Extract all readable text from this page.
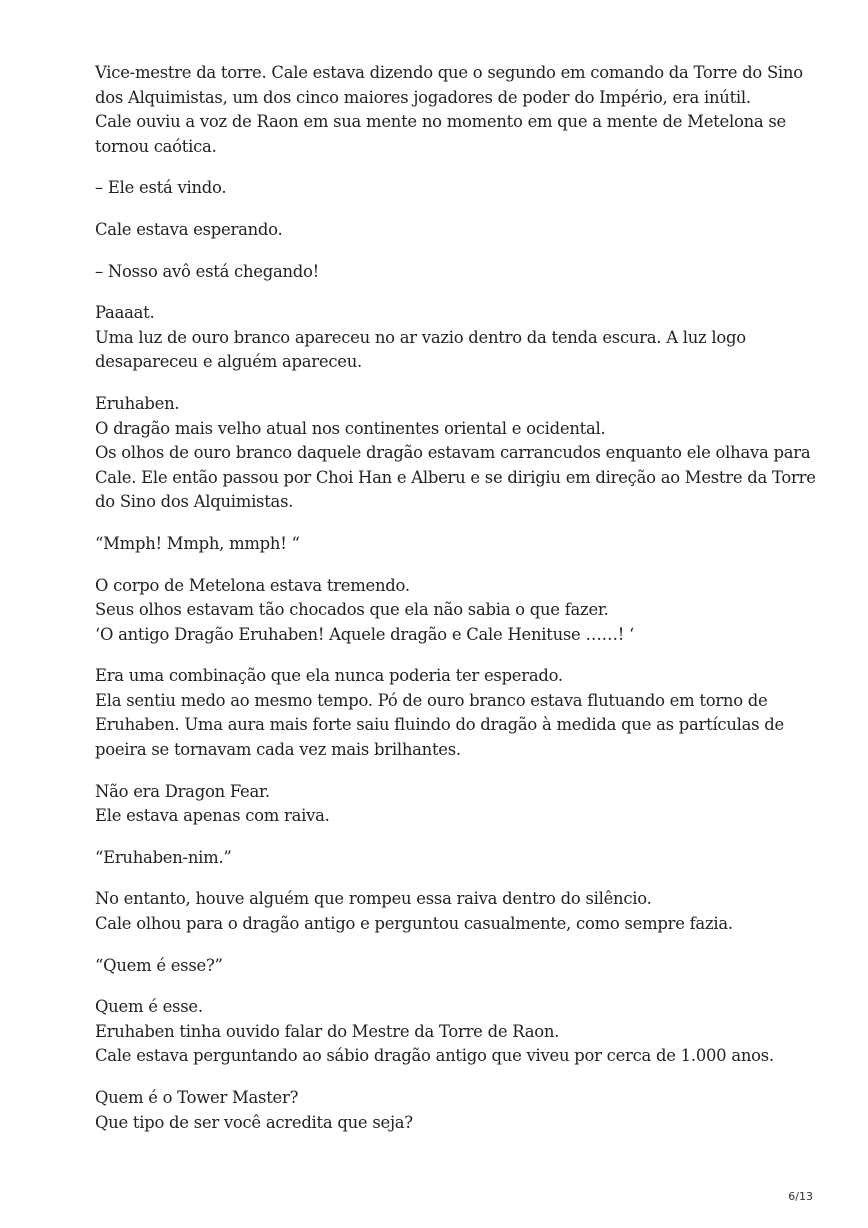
Vice-mestre da torre. Cale estava dizendo que o segundo em comando da Torre do Sino
dos Alquimistas, um dos cinco maiores jogadores de poder do Império, era inútil.
Cale ouviu a voz de Raon em sua mente no momento em que a mente de Metelona se
tornou caótica.
– Ele está vindo.
Cale estava esperando.
– Nosso avô está chegando!
Paaaat.
Uma luz de ouro branco apareceu no ar vazio dentro da tenda escura. A luz logo
desapareceu e alguém apareceu.
Eruhaben.
O dragão mais velho atual nos continentes oriental e ocidental.
Os olhos de ouro branco daquele dragão estavam carrancudos enquanto ele olhava para
Cale. Ele então passou por Choi Han e Alberu e se dirigiu em direção ao Mestre da Torre
do Sino dos Alquimistas.
“Mmph! Mmph, mmph! “
O corpo de Metelona estava tremendo.
Seus olhos estavam tão chocados que ela não sabia o que fazer.
‘O antigo Dragão Eruhaben! Aquele dragão e Cale Henituse ……! ‘
Era uma combinação que ela nunca poderia ter esperado.
Ela sentiu medo ao mesmo tempo. Pó de ouro branco estava flutuando em torno de
Eruhaben. Uma aura mais forte saiu fluindo do dragão à medida que as partículas de
poeira se tornavam cada vez mais brilhantes.
Não era Dragon Fear.
Ele estava apenas com raiva.
“Eruhaben-nim.”
No entanto, houve alguém que rompeu essa raiva dentro do silêncio.
Cale olhou para o dragão antigo e perguntou casualmente, como sempre fazia.
“Quem é esse?”
Quem é esse.
Eruhaben tinha ouvido falar do Mestre da Torre de Raon.
Cale estava perguntando ao sábio dragão antigo que viveu por cerca de 1.000 anos.
Quem é o Tower Master?
Que tipo de ser você acredita que seja?
6/13
